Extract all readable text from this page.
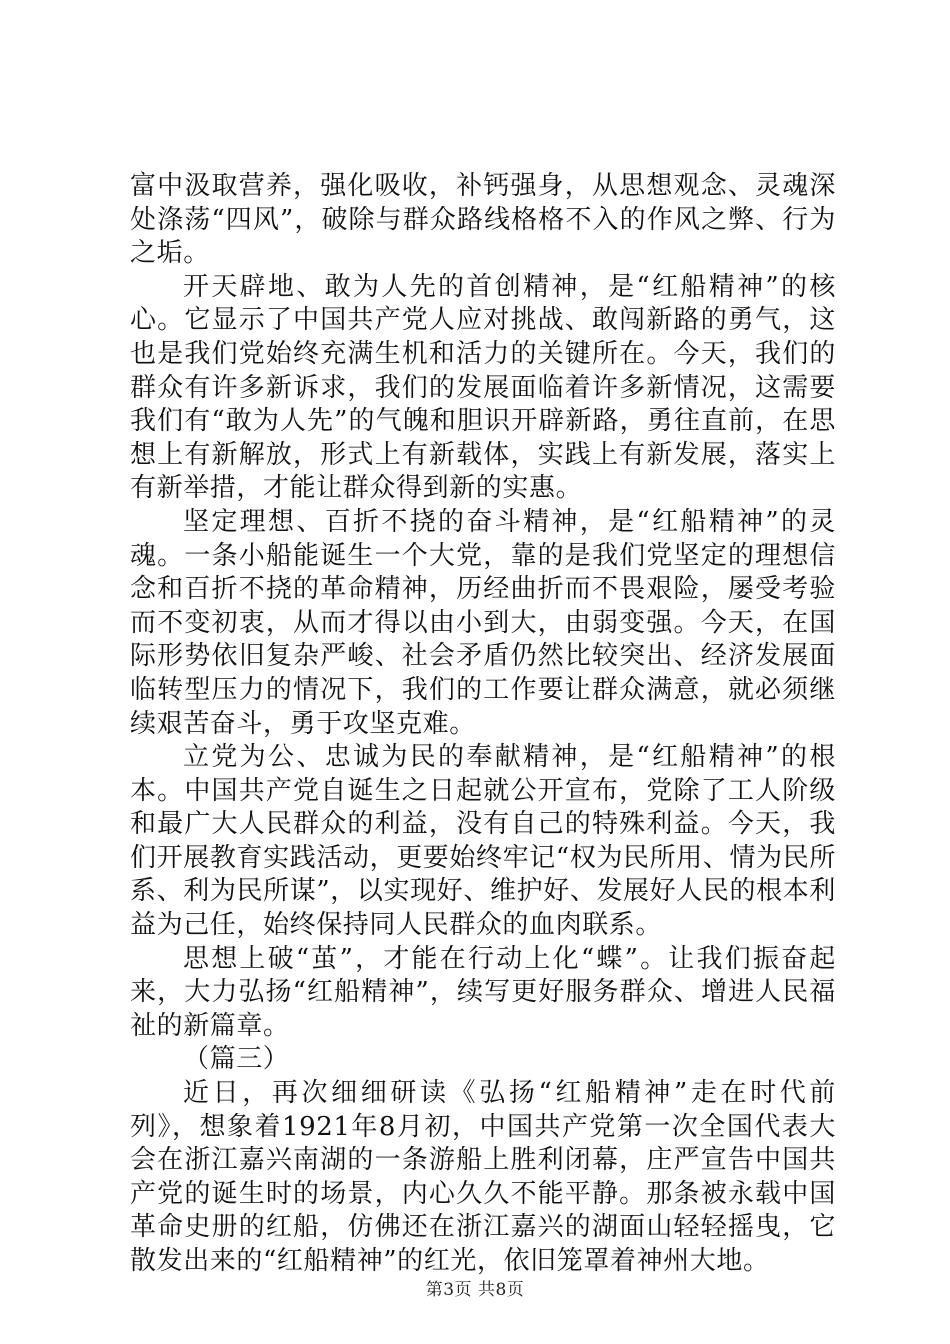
富中汲取营养，强化吸收，补钙强身，从思想观念、灵魂深处涤荡“四风”，破除与群众路线格格不入的作风之弊、行为之垢。

开天辟地、敢为人先的首创精神，是“红船精神”的核心。它显示了中国共产党人应对挑战、敢闯新路的勇气，这也是我们党始终充满生机和活力的关键所在。今天，我们的群众有许多新诉求，我们的发展面临着许多新情况，这需要我们有“敢为人先”的气魄和胆识开辟新路，勇往直前，在思想上有新解放，形式上有新载体，实践上有新发展，落实上有新举措，才能让群众得到新的实惠。

坚定理想、百折不挠的奋斗精神，是“红船精神”的灵魂。一条小船能诞生一个大党，靠的是我们党坚定的理想信念和百折不挠的革命精神，历经曲折而不畏艰险，屡受考验而不变初衷，从而才得以由小到大，由弱变强。今天，在国际形势依旧复杂严峻、社会矛盾仍然比较突出、经济发展面临转型压力的情况下，我们的工作要让群众满意，就必须继续艰苦奋斗，勇于攻坚克难。

立党为公、忠诚为民的奉献精神，是“红船精神”的根本。中国共产党自诞生之日起就公开宣布，党除了工人阶级和最广大人民群众的利益，没有自己的特殊利益。今天，我们开展教育实践活动，更要始终牢记“权为民所用、情为民所系、利为民所谋”，以实现好、维护好、发展好人民的根本利益为己任，始终保持同人民群众的血肉联系。

思想上破“茧”，才能在行动上化“蝶”。让我们振奋起来，大力弘扬“红船精神”，续写更好服务群众、增进人民福祉的新篇章。

（篇三）

近日，再次细细研读《弘扬“红船精神”走在时代前列》，想象着1921年8月初，中国共产党第一次全国代表大会在浙江嘉兴南湖的一条游船上胜利闭幕，庄严宣告中国共产党的诞生时的场景，内心久久不能平静。那条被永载中国革命史册的红船，仿佛还在浙江嘉兴的湖面山轻轻摇曳，它散发出来的“红船精神”的红光，依旧笼罩着神州大地。

第3页 共8页
